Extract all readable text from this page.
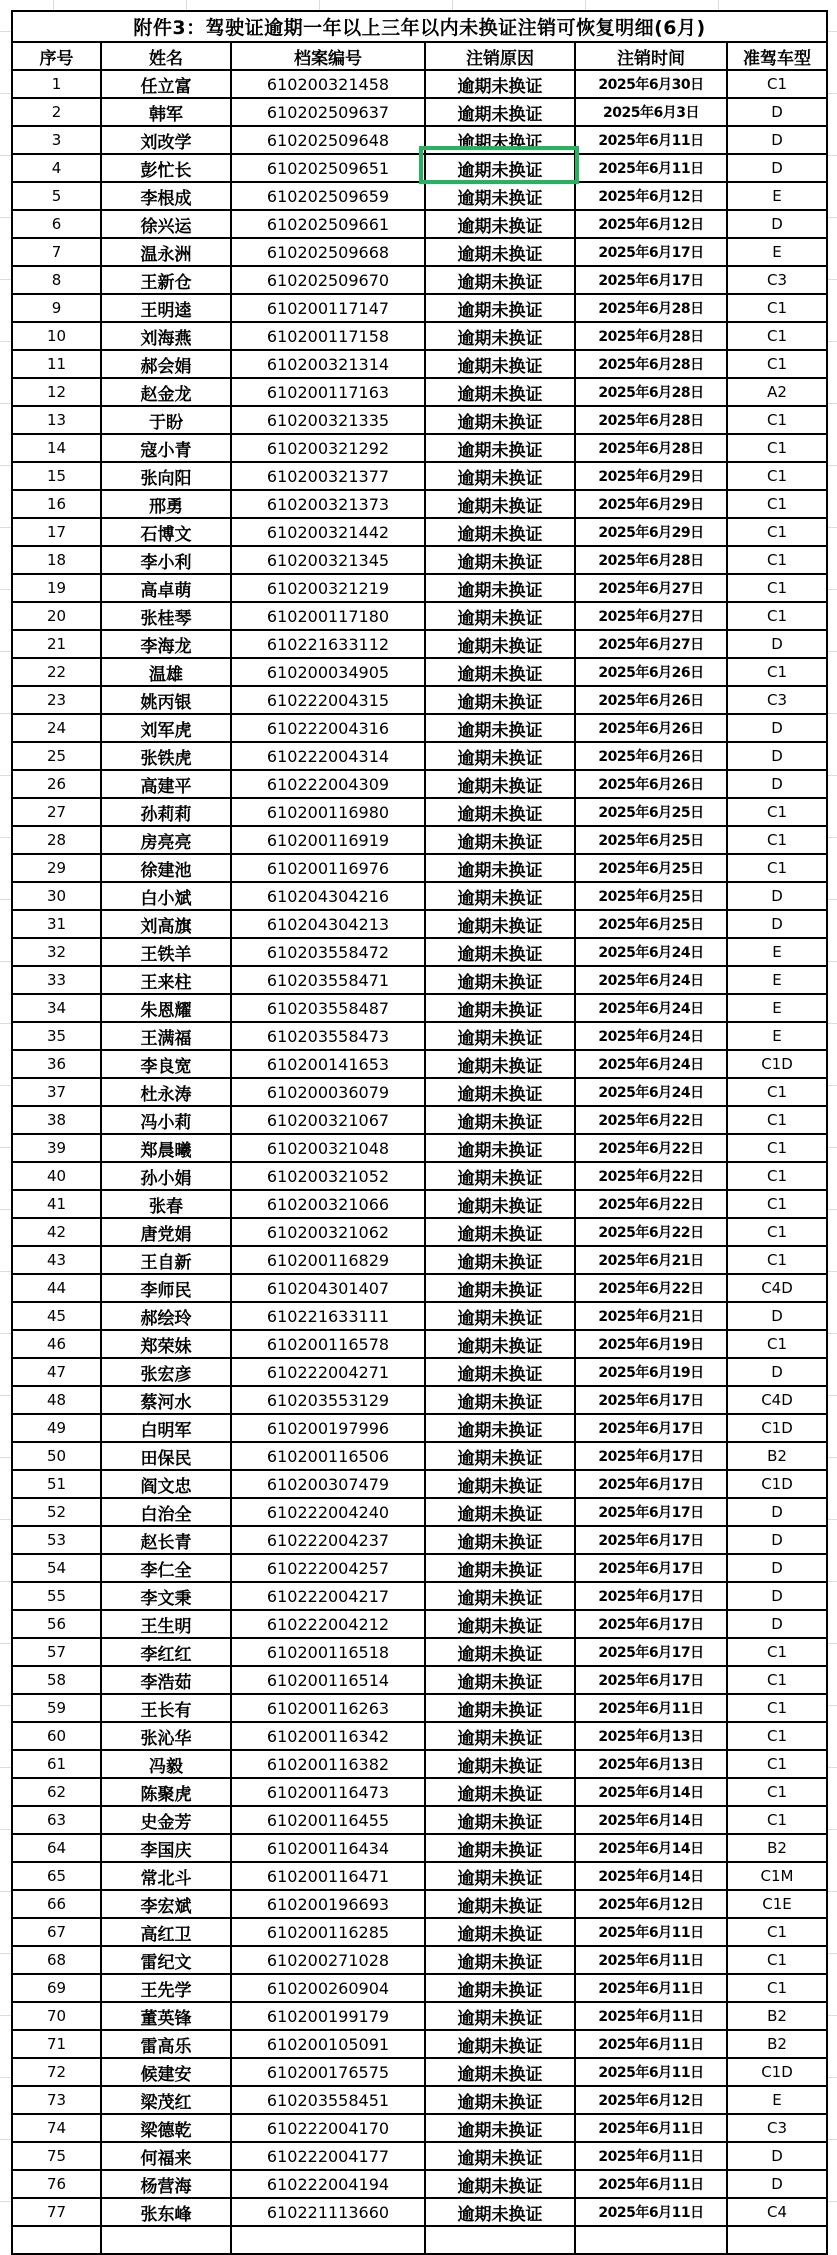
附件3：驾驶证逾期一年以上三年以内未换证注销可恢复明细(6月)					
序号	姓名	档案编号	注销原因	注销时间	准驾车型
1	任立富	610200321458	逾期未换证	2025年6月30日	C1
2	韩军	610202509637	逾期未换证	2025年6月3日	D
3	刘改学	610202509648	逾期未换证	2025年6月11日	D
4	彭忙长	610202509651	逾期未换证	2025年6月11日	D
5	李根成	610202509659	逾期未换证	2025年6月12日	E
6	徐兴运	610202509661	逾期未换证	2025年6月12日	D
7	温永洲	610202509668	逾期未换证	2025年6月17日	E
8	王新仓	610202509670	逾期未换证	2025年6月17日	C3
9	王明逵	610200117147	逾期未换证	2025年6月28日	C1
10	刘海燕	610200117158	逾期未换证	2025年6月28日	C1
11	郝会娟	610200321314	逾期未换证	2025年6月28日	C1
12	赵金龙	610200117163	逾期未换证	2025年6月28日	A2
13	于盼	610200321335	逾期未换证	2025年6月28日	C1
14	寇小青	610200321292	逾期未换证	2025年6月28日	C1
15	张向阳	610200321377	逾期未换证	2025年6月29日	C1
16	邢勇	610200321373	逾期未换证	2025年6月29日	C1
17	石博文	610200321442	逾期未换证	2025年6月29日	C1
18	李小利	610200321345	逾期未换证	2025年6月28日	C1
19	高卓萌	610200321219	逾期未换证	2025年6月27日	C1
20	张桂琴	610200117180	逾期未换证	2025年6月27日	C1
21	李海龙	610221633112	逾期未换证	2025年6月27日	D
22	温雄	610200034905	逾期未换证	2025年6月26日	C1
23	姚丙银	610222004315	逾期未换证	2025年6月26日	C3
24	刘军虎	610222004316	逾期未换证	2025年6月26日	D
25	张铁虎	610222004314	逾期未换证	2025年6月26日	D
26	高建平	610222004309	逾期未换证	2025年6月26日	D
27	孙莉莉	610200116980	逾期未换证	2025年6月25日	C1
28	房亮亮	610200116919	逾期未换证	2025年6月25日	C1
29	徐建池	610200116976	逾期未换证	2025年6月25日	C1
30	白小斌	610204304216	逾期未换证	2025年6月25日	D
31	刘高旗	610204304213	逾期未换证	2025年6月25日	D
32	王铁羊	610203558472	逾期未换证	2025年6月24日	E
33	王来柱	610203558471	逾期未换证	2025年6月24日	E
34	朱恩耀	610203558487	逾期未换证	2025年6月24日	E
35	王满福	610203558473	逾期未换证	2025年6月24日	E
36	李良宽	610200141653	逾期未换证	2025年6月24日	C1D
37	杜永涛	610200036079	逾期未换证	2025年6月24日	C1
38	冯小莉	610200321067	逾期未换证	2025年6月22日	C1
39	郑晨曦	610200321048	逾期未换证	2025年6月22日	C1
40	孙小娟	610200321052	逾期未换证	2025年6月22日	C1
41	张春	610200321066	逾期未换证	2025年6月22日	C1
42	唐党娟	610200321062	逾期未换证	2025年6月22日	C1
43	王自新	610200116829	逾期未换证	2025年6月21日	C1
44	李师民	610204301407	逾期未换证	2025年6月22日	C4D
45	郝绘玲	610221633111	逾期未换证	2025年6月21日	D
46	郑荣妹	610200116578	逾期未换证	2025年6月19日	C1
47	张宏彦	610222004271	逾期未换证	2025年6月19日	D
48	蔡河水	610203553129	逾期未换证	2025年6月17日	C4D
49	白明军	610200197996	逾期未换证	2025年6月17日	C1D
50	田保民	610200116506	逾期未换证	2025年6月17日	B2
51	阎文忠	610200307479	逾期未换证	2025年6月17日	C1D
52	白治全	610222004240	逾期未换证	2025年6月17日	D
53	赵长青	610222004237	逾期未换证	2025年6月17日	D
54	李仁全	610222004257	逾期未换证	2025年6月17日	D
55	李文秉	610222004217	逾期未换证	2025年6月17日	D
56	王生明	610222004212	逾期未换证	2025年6月17日	D
57	李红红	610200116518	逾期未换证	2025年6月17日	C1
58	李浩茹	610200116514	逾期未换证	2025年6月17日	C1
59	王长有	610200116263	逾期未换证	2025年6月11日	C1
60	张沁华	610200116342	逾期未换证	2025年6月13日	C1
61	冯毅	610200116382	逾期未换证	2025年6月13日	C1
62	陈聚虎	610200116473	逾期未换证	2025年6月14日	C1
63	史金芳	610200116455	逾期未换证	2025年6月14日	C1
64	李国庆	610200116434	逾期未换证	2025年6月14日	B2
65	常北斗	610200116471	逾期未换证	2025年6月14日	C1M
66	李宏斌	610200196693	逾期未换证	2025年6月12日	C1E
67	高红卫	610200116285	逾期未换证	2025年6月11日	C1
68	雷纪文	610200271028	逾期未换证	2025年6月11日	C1
69	王先学	610200260904	逾期未换证	2025年6月11日	C1
70	董英锋	610200199179	逾期未换证	2025年6月11日	B2
71	雷高乐	610200105091	逾期未换证	2025年6月11日	B2
72	候建安	610200176575	逾期未换证	2025年6月11日	C1D
73	梁茂红	610203558451	逾期未换证	2025年6月12日	E
74	梁德乾	610222004170	逾期未换证	2025年6月11日	C3
75	何福来	610222004177	逾期未换证	2025年6月11日	D
76	杨营海	610222004194	逾期未换证	2025年6月11日	D
77	张东峰	610221113660	逾期未换证	2025年6月11日	C4
